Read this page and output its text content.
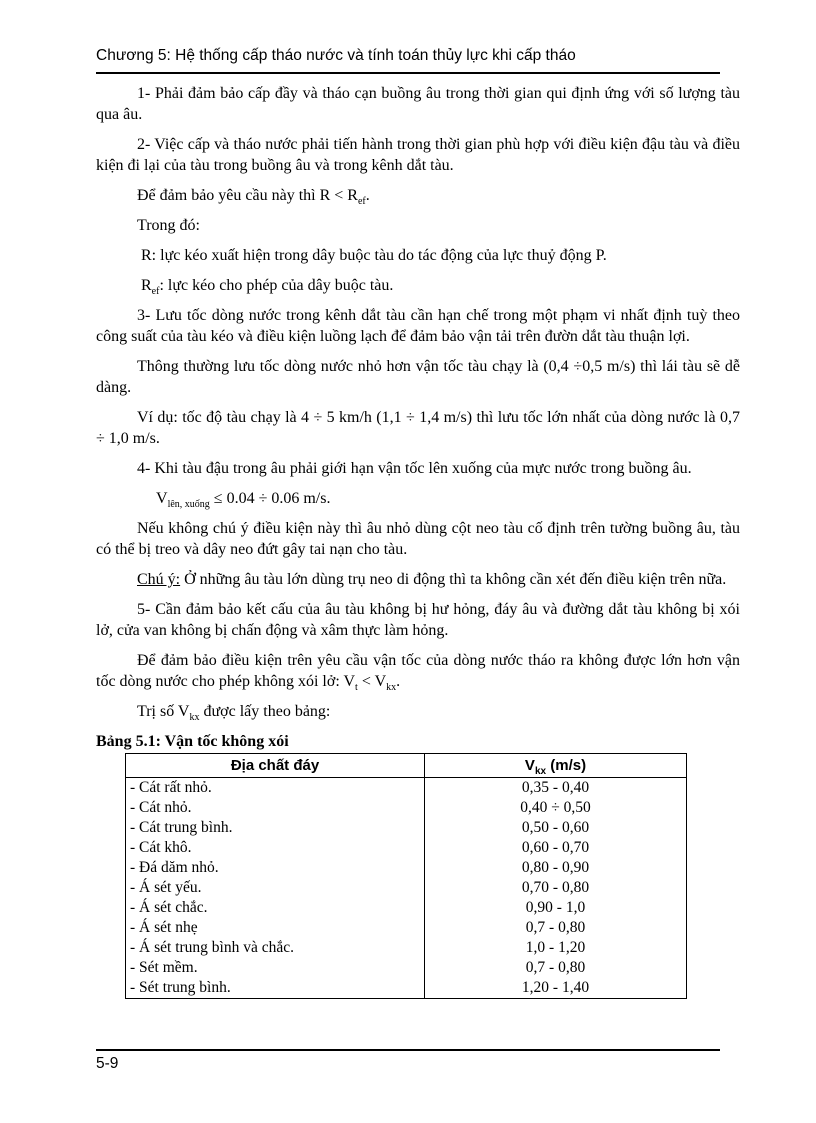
Chương 5: Hệ thống cấp tháo nước và tính toán thủy lực khi cấp tháo

1- Phải đảm bảo cấp đầy và tháo cạn buồng âu trong thời gian qui định ứng với số lượng tàu qua âu.

2- Việc cấp và tháo nước phải tiến hành trong thời gian phù hợp với điều kiện đậu tàu và điều kiện đi lại của tàu trong buồng âu và trong kênh dắt tàu.

Để đảm bảo yêu cầu này thì $R < R_{ef}$.

Trong đó:

R: lực kéo xuất hiện trong dây buộc tàu do tác động của lực thuỷ động P.

$R_{ef}$: lực kéo cho phép của dây buộc tàu.

3- Lưu tốc dòng nước trong kênh dắt tàu cần hạn chế trong một phạm vi nhất định tuỳ theo công suất của tàu kéo và điều kiện luồng lạch để đảm bảo vận tải trên đườn dắt tàu thuận lợi.

Thông thường lưu tốc dòng nước nhỏ hơn vận tốc tàu chạy là (0,4 ÷0,5 m/s) thì lái tàu sẽ dễ dàng.

Ví dụ: tốc độ tàu chạy là 4 ÷ 5 km/h (1,1 ÷ 1,4 m/s) thì lưu tốc lớn nhất của dòng nước là 0,7 ÷ 1,0 m/s.

4- Khi tàu đậu trong âu phải giới hạn vận tốc lên xuống của mực nước trong buồng âu.

$V_{lên, xuống} \le 0.04 \div 0.06$ m/s.

Nếu không chú ý điều kiện này thì âu nhỏ dùng cột neo tàu cố định trên tường buồng âu, tàu có thể bị treo và dây neo đứt gây tai nạn cho tàu.

Chú ý: Ở những âu tàu lớn dùng trụ neo di động thì ta không cần xét đến điều kiện trên nữa.

5- Cần đảm bảo kết cấu của âu tàu không bị hư hỏng, đáy âu và đường dắt tàu không bị xói lở, cửa van không bị chấn động và xâm thực làm hỏng.

Để đảm bảo điều kiện trên yêu cầu vận tốc của dòng nước tháo ra không được lớn hơn vận tốc dòng nước cho phép không xói lở: $V_t < V_{kx}$.

Trị số $V_{kx}$ được lấy theo bảng:

Bảng 5.1: Vận tốc không xói

Địa chất đáy	$V_{kx}$ (m/s)
- Cát rất nhỏ.	0,35 - 0,40
- Cát nhỏ.	0,40 ÷ 0,50
- Cát trung bình.	0,50 - 0,60
- Cát khô.	0,60 - 0,70
- Đá dăm nhỏ.	0,80 - 0,90
- Á sét yếu.	0,70 - 0,80
- Á sét chắc.	0,90 - 1,0
- Á sét nhẹ	0,7 - 0,80
- Á sét trung bình và chắc.	1,0 - 1,20
- Sét mềm.	0,7 - 0,80
- Sét trung bình.	1,20 - 1,40
5-9
